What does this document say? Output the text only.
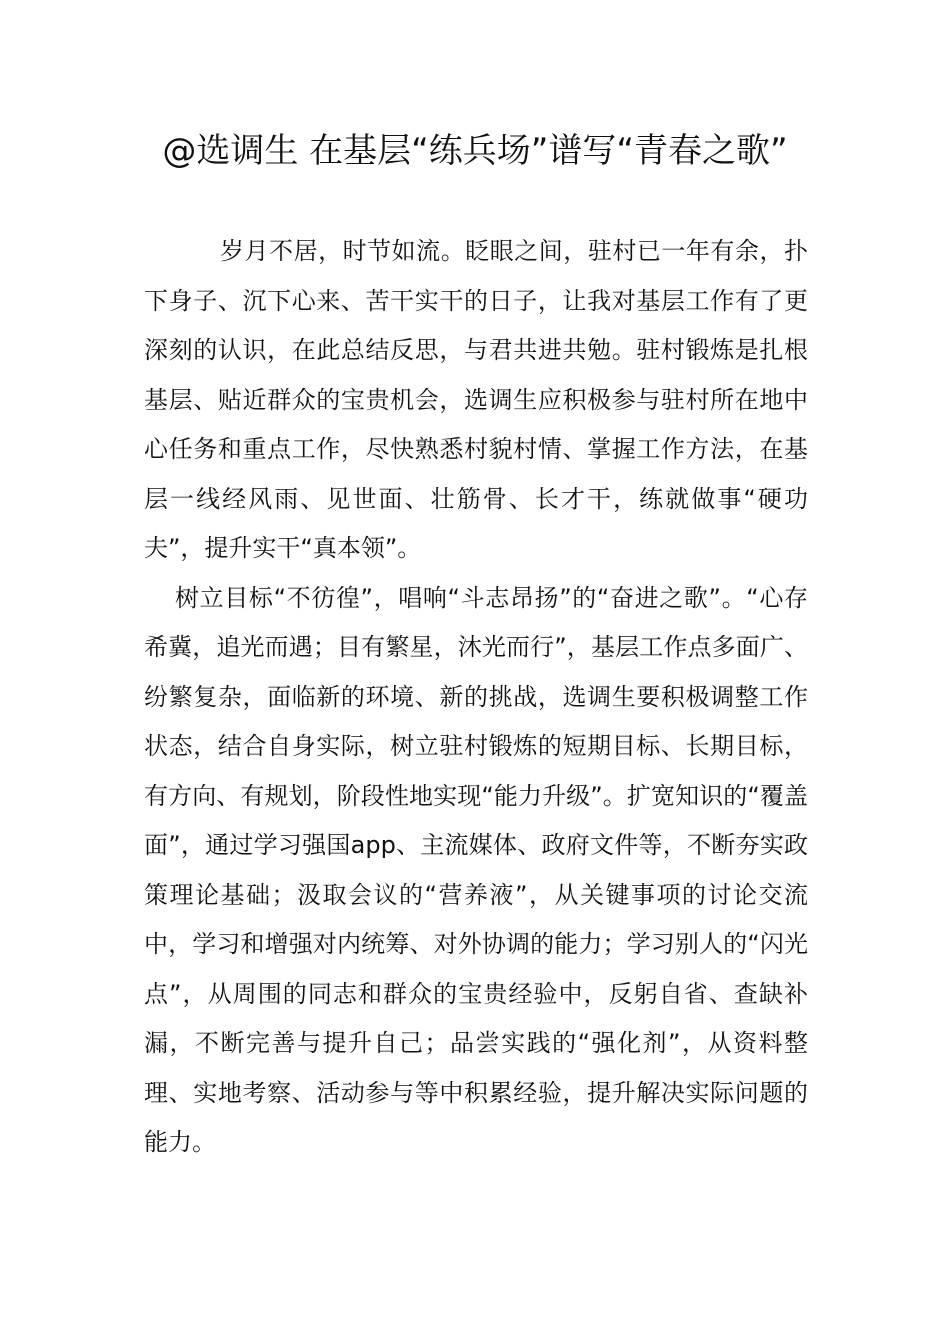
@选调生 在基层“练兵场”谱写“青春之歌”

岁月不居，时节如流。眨眼之间，驻村已一年有余，扑下身子、沉下心来、苦干实干的日子，让我对基层工作有了更深刻的认识，在此总结反思，与君共进共勉。驻村锻炼是扎根基层、贴近群众的宝贵机会，选调生应积极参与驻村所在地中心任务和重点工作，尽快熟悉村貌村情、掌握工作方法，在基层一线经风雨、见世面、壮筋骨、长才干，练就做事“硬功夫”，提升实干“真本领”。

树立目标“不彷徨”，唱响“斗志昂扬”的“奋进之歌”。“心存希冀，追光而遇；目有繁星，沐光而行”，基层工作点多面广、纷繁复杂，面临新的环境、新的挑战，选调生要积极调整工作状态，结合自身实际，树立驻村锻炼的短期目标、长期目标，有方向、有规划，阶段性地实现“能力升级”。扩宽知识的“覆盖面”，通过学习强国app、主流媒体、政府文件等，不断夯实政策理论基础；汲取会议的“营养液”，从关键事项的讨论交流中，学习和增强对内统筹、对外协调的能力；学习别人的“闪光点”，从周围的同志和群众的宝贵经验中，反躬自省、查缺补漏，不断完善与提升自己；品尝实践的“强化剂”，从资料整理、实地考察、活动参与等中积累经验，提升解决实际问题的能力。
